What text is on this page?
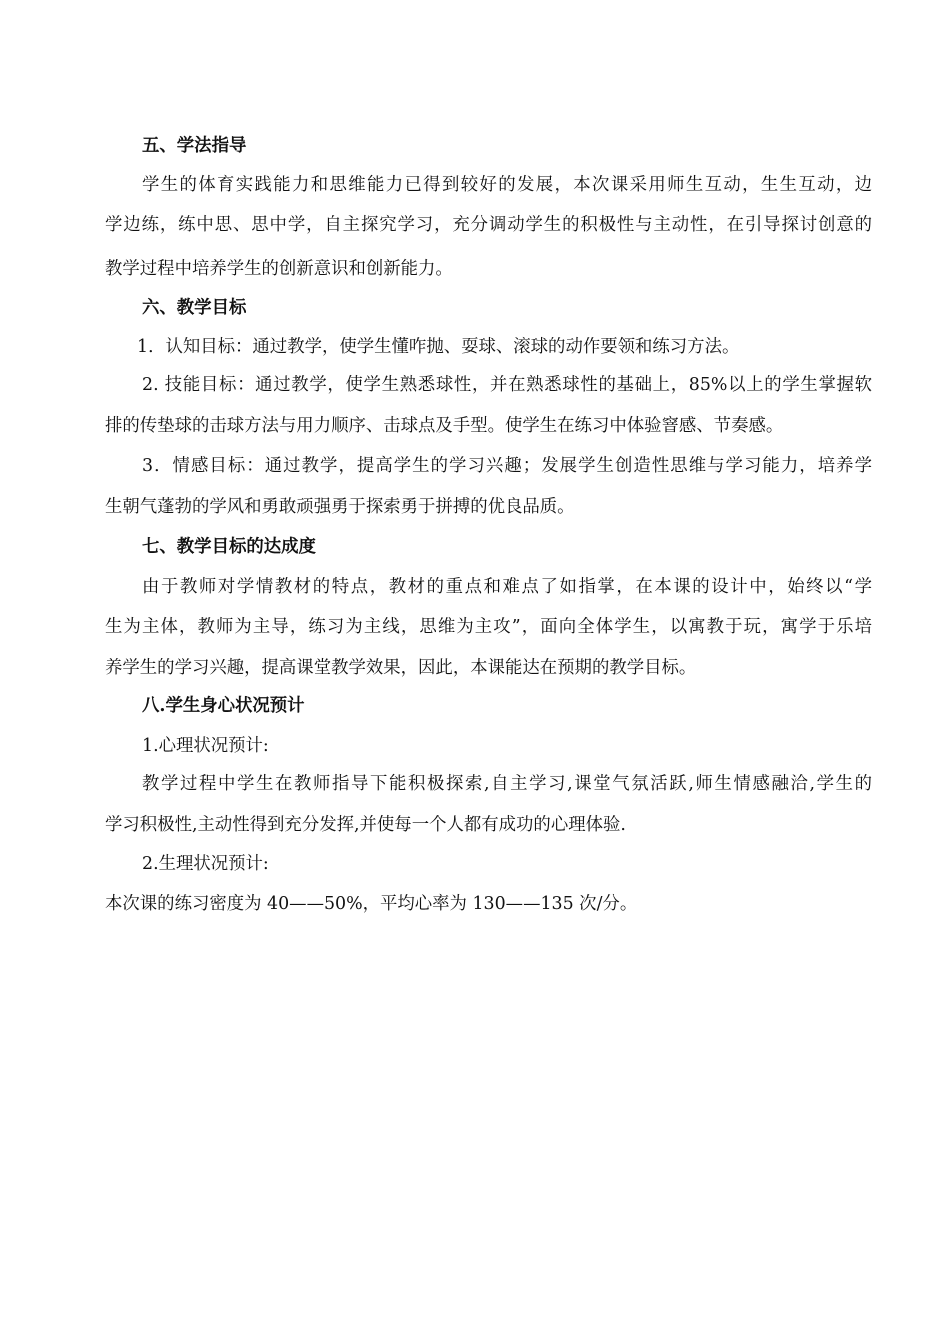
五、学法指导
学生的体育实践能力和思维能力已得到较好的发展，本次课采用师生互动，生生互动，边
学边练，练中思、思中学，自主探究学习，充分调动学生的积极性与主动性，在引导探讨创意的
教学过程中培养学生的创新意识和创新能力。
六、教学目标
1．认知目标：通过教学，使学生懂咋抛、耍球、滚球的动作要领和练习方法。
2. 技能目标：通过教学，使学生熟悉球性，并在熟悉球性的基础上，85%以上的学生掌握软
排的传垫球的击球方法与用力顺序、击球点及手型。使学生在练习中体验窨感、节奏感。
3．情感目标：通过教学，提高学生的学习兴趣；发展学生创造性思维与学习能力，培养学
生朝气蓬勃的学风和勇敢顽强勇于探索勇于拼搏的优良品质。
七、教学目标的达成度
由于教师对学情教材的特点，教材的重点和难点了如指掌，在本课的设计中，始终以“学
生为主体，教师为主导，练习为主线，思维为主攻”，面向全体学生，以寓教于玩，寓学于乐培
养学生的学习兴趣，提高课堂教学效果，因此，本课能达在预期的教学目标。
八.学生身心状况预计
1.心理状况预计:
教学过程中学生在教师指导下能积极探索,自主学习,课堂气氛活跃,师生情感融洽,学生的
学习积极性,主动性得到充分发挥,并使每一个人都有成功的心理体验.
2.生理状况预计:
本次课的练习密度为 40——50%，平均心率为 130——135 次/分。
